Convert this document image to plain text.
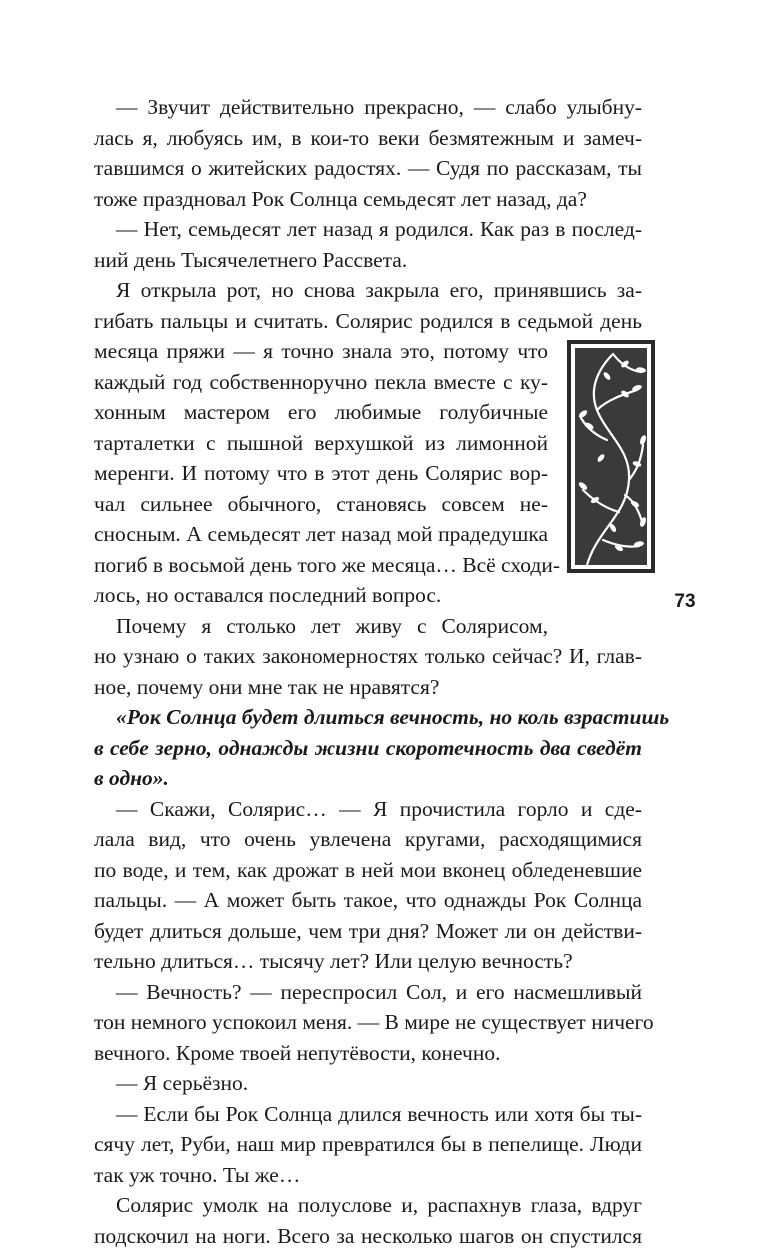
— Звучит действительно прекрасно, — слабо улыбну-
лась я, любуясь им, в кои-то веки безмятежным и замеч-
тавшимся о житейских радостях. — Судя по рассказам, ты
тоже праздновал Рок Солнца семьдесят лет назад, да?
— Нет, семьдесят лет назад я родился. Как раз в послед-
ний день Тысячелетнего Рассвета.
Я открыла рот, но снова закрыла его, принявшись за-
гибать пальцы и считать. Солярис родился в седьмой день
месяца пряжи — я точно знала это, потому что
каждый год собственноручно пекла вместе с ку-
хонным мастером его любимые голубичные
тарталетки с пышной верхушкой из лимонной
меренги. И потому что в этот день Солярис вор-
чал сильнее обычного, становясь совсем не-
сносным. А семьдесят лет назад мой прадедушка
погиб в восьмой день того же месяца… Всё сходи-
лось, но оставался последний вопрос.
Почему я столько лет живу с Солярисом,
но узнаю о таких закономерностях только сейчас? И, глав-
ное, почему они мне так не нравятся?
«Рок Солнца будет длиться вечность, но коль взрастишь
в себе зерно, однажды жизни скоротечность два сведёт
в одно».
— Скажи, Солярис… — Я прочистила горло и сде-
лала вид, что очень увлечена кругами, расходящимися
по воде, и тем, как дрожат в ней мои вконец обледеневшие
пальцы. — А может быть такое, что однажды Рок Солнца
будет длиться дольше, чем три дня? Может ли он действи-
тельно длиться… тысячу лет? Или целую вечность?
— Вечность? — переспросил Сол, и его насмешливый
тон немного успокоил меня. — В мире не существует ничего
вечного. Кроме твоей непутёвости, конечно.
— Я серьёзно.
— Если бы Рок Солнца длился вечность или хотя бы ты-
сячу лет, Руби, наш мир превратился бы в пепелище. Люди
так уж точно. Ты же…
Солярис умолк на полуслове и, распахнув глаза, вдруг
подскочил на ноги. Всего за несколько шагов он спустился
73
